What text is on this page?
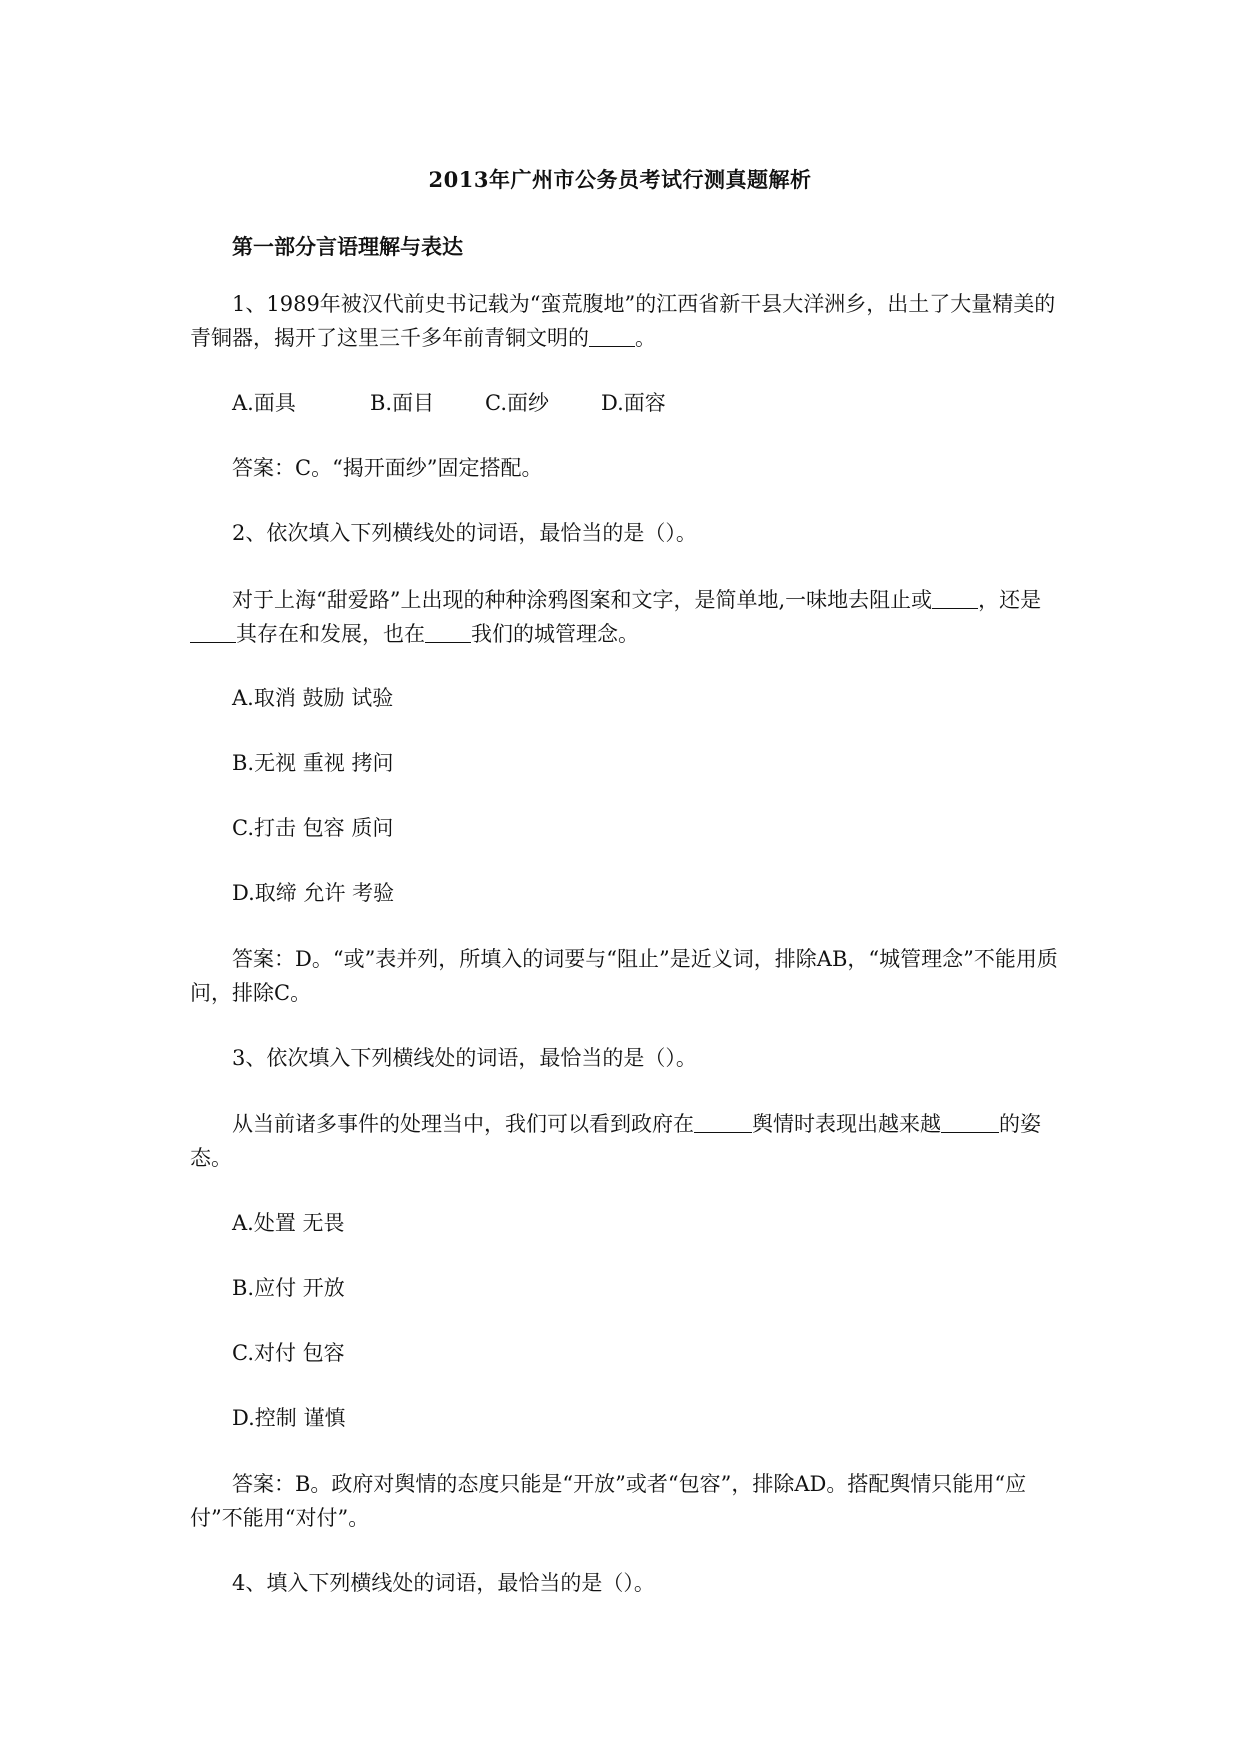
2013年广州市公务员考试行测真题解析
第一部分言语理解与表达

1、1989年被汉代前史书记载为“蛮荒腹地”的江西省新干县大洋洲乡，出土了大量精美的青铜器，揭开了这里三千多年前青铜文明的 。

A.面具	B.面目 C.面纱 D.面容

答案：C。“揭开面纱”固定搭配。

2、依次填入下列横线处的词语，最恰当的是（）。

对于上海“甜爱路”上出现的种种涂鸦图案和文字，是简单地,一味地去阻止或 ，还是其存在和发展，也在 我们的城管理念。

A.取消 鼓励 试验

B.无视 重视 拷问

C.打击 包容 质问

D.取缔 允许 考验

答案：D。“或”表并列，所填入的词要与“阻止”是近义词，排除AB，“城管理念”不能用质问，排除C。

3、依次填入下列横线处的词语，最恰当的是（）。

从当前诸多事件的处理当中，我们可以看到政府在	舆情时表现出越来越	的姿态。

A.处置 无畏

B.应付 开放

C.对付 包容

D.控制 谨慎

答案：B。政府对舆情的态度只能是“开放”或者“包容”，排除AD。搭配舆情只能用“应付”不能用“对付”。

4、填入下列横线处的词语，最恰当的是（）。
